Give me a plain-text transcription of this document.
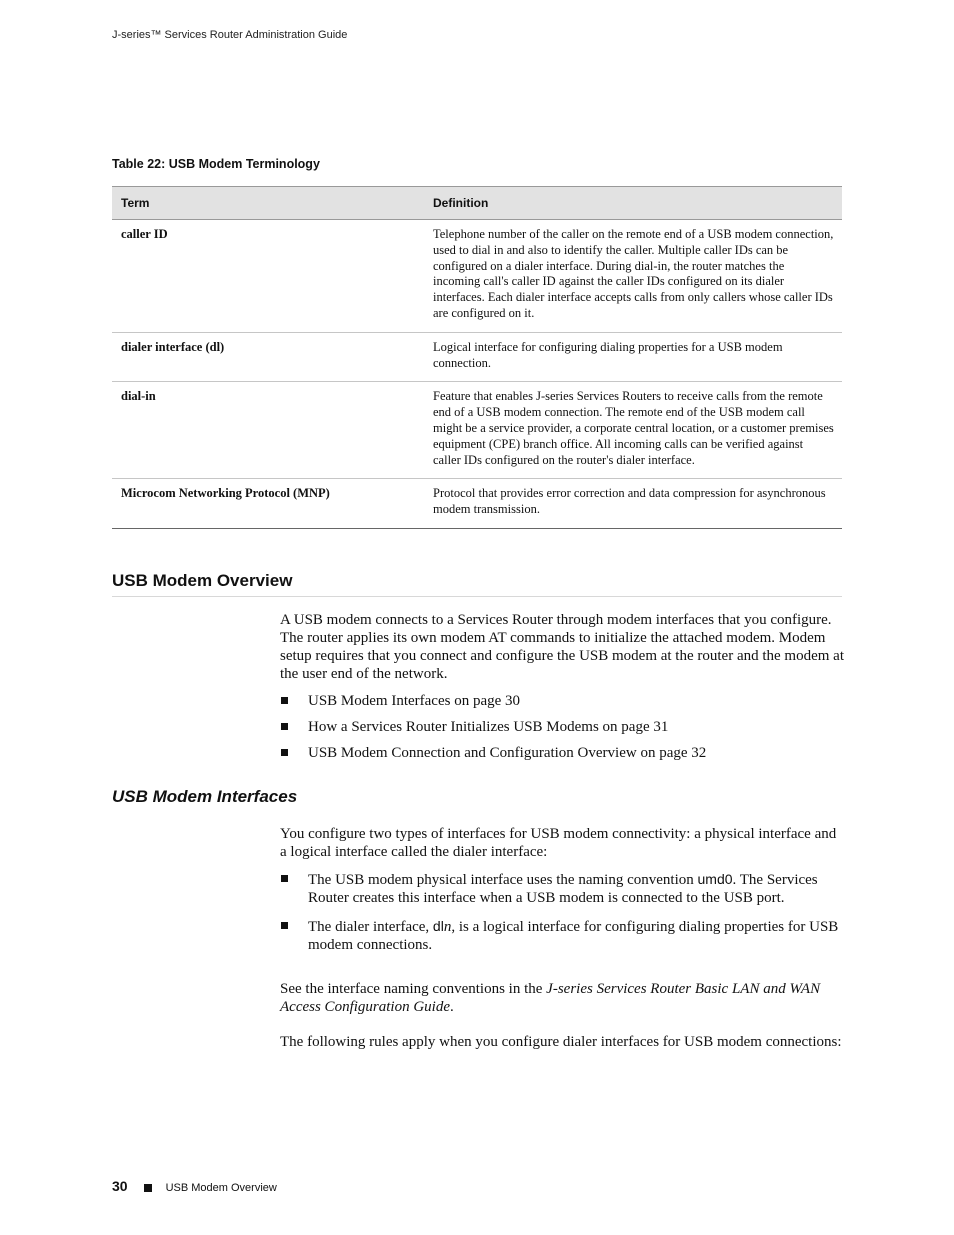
J-series™ Services Router Administration Guide
Table 22: USB Modem Terminology
Term	Definition
caller ID	Telephone number of the caller on the remote end of a USB modem connection, used to dial in and also to identify the caller. Multiple caller IDs can be configured on a dialer interface. During dial-in, the router matches the incoming call's caller ID against the caller IDs configured on its dialer interfaces. Each dialer interface accepts calls from only callers whose caller IDs are configured on it.
dialer interface (dl)	Logical interface for configuring dialing properties for a USB modem connection.
dial-in	Feature that enables J-series Services Routers to receive calls from the remote end of a USB modem connection. The remote end of the USB modem call might be a service provider, a corporate central location, or a customer premises equipment (CPE) branch office. All incoming calls can be verified against caller IDs configured on the router's dialer interface.
Microcom Networking Protocol (MNP)	Protocol that provides error correction and data compression for asynchronous modem transmission.
USB Modem Overview

A USB modem connects to a Services Router through modem interfaces that you configure. The router applies its own modem AT commands to initialize the attached modem. Modem setup requires that you connect and configure the USB modem at the router and the modem at the user end of the network.

USB Modem Interfaces on page 30
How a Services Router Initializes USB Modems on page 31
USB Modem Connection and Configuration Overview on page 32
USB Modem Interfaces

You configure two types of interfaces for USB modem connectivity: a physical interface and a logical interface called the dialer interface:

The USB modem physical interface uses the naming convention umd0. The Services Router creates this interface when a USB modem is connected to the USB port.
The dialer interface, dln, is a logical interface for configuring dialing properties for USB modem connections.

See the interface naming conventions in the J-series Services Router Basic LAN and WAN Access Configuration Guide.

The following rules apply when you configure dialer interfaces for USB modem connections:

30	USB Modem Overview
